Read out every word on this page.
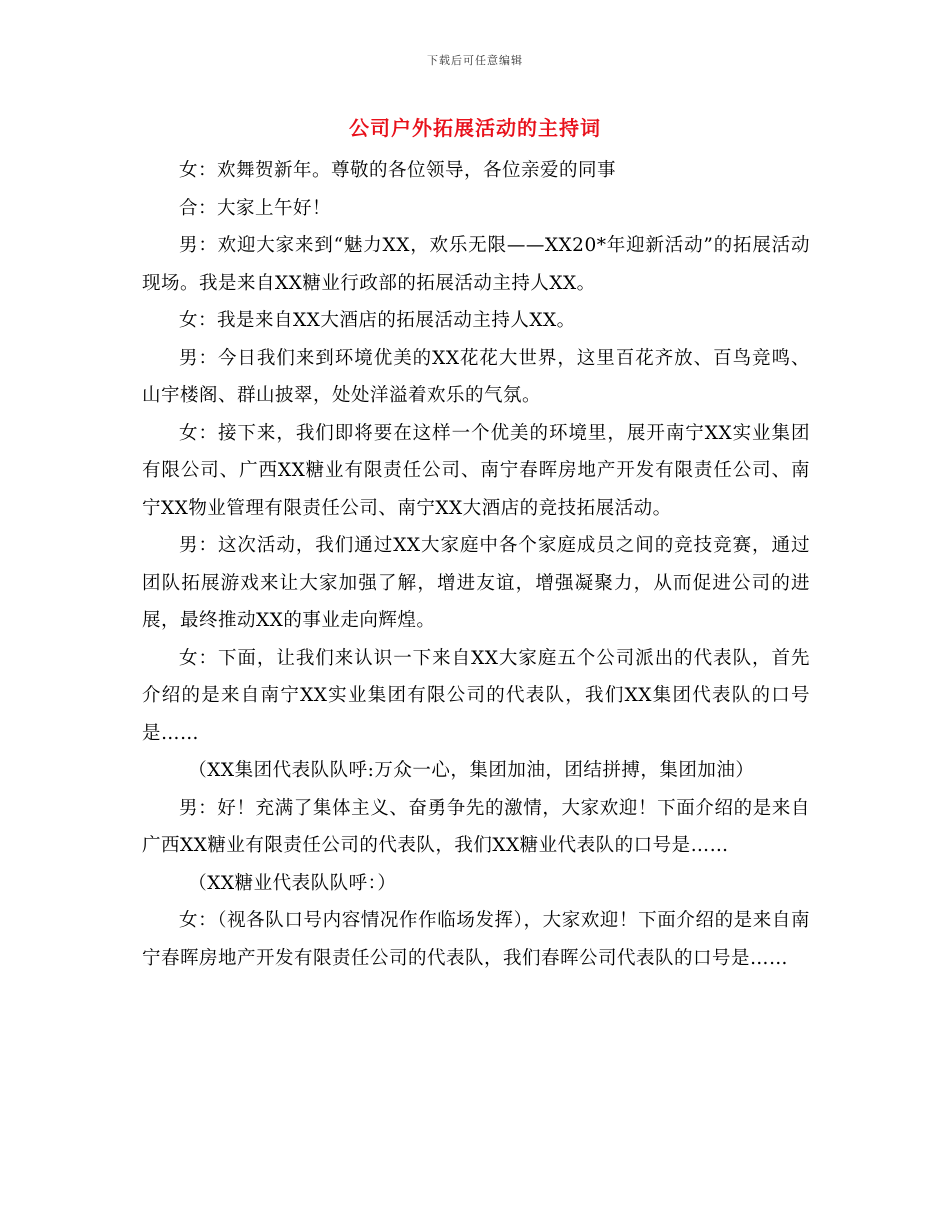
下载后可任意编辑
公司户外拓展活动的主持词

女：欢舞贺新年。尊敬的各位领导，各位亲爱的同事

合：大家上午好！

男：欢迎大家来到“魅力XX，欢乐无限——XX20*年迎新活动”的拓展活动现场。我是来自XX糖业行政部的拓展活动主持人XX。

女：我是来自XX大酒店的拓展活动主持人XX。

男：今日我们来到环境优美的XX花花大世界，这里百花齐放、百鸟竞鸣、山宇楼阁、群山披翠，处处洋溢着欢乐的气氛。

女：接下来，我们即将要在这样一个优美的环境里，展开南宁XX实业集团有限公司、广西XX糖业有限责任公司、南宁春晖房地产开发有限责任公司、南宁XX物业管理有限责任公司、南宁XX大酒店的竞技拓展活动。

男：这次活动，我们通过XX大家庭中各个家庭成员之间的竞技竞赛，通过团队拓展游戏来让大家加强了解，增进友谊，增强凝聚力，从而促进公司的进展，最终推动XX的事业走向辉煌。

女：下面，让我们来认识一下来自XX大家庭五个公司派出的代表队，首先介绍的是来自南宁XX实业集团有限公司的代表队，我们XX集团代表队的口号是……

（XX集团代表队队呼:万众一心，集团加油，团结拼搏，集团加油）

男：好！充满了集体主义、奋勇争先的激情，大家欢迎！下面介绍的是来自广西XX糖业有限责任公司的代表队，我们XX糖业代表队的口号是……

（XX糖业代表队队呼：）

女：（视各队口号内容情况作作临场发挥），大家欢迎！下面介绍的是来自南宁春晖房地产开发有限责任公司的代表队，我们春晖公司代表队的口号是……
